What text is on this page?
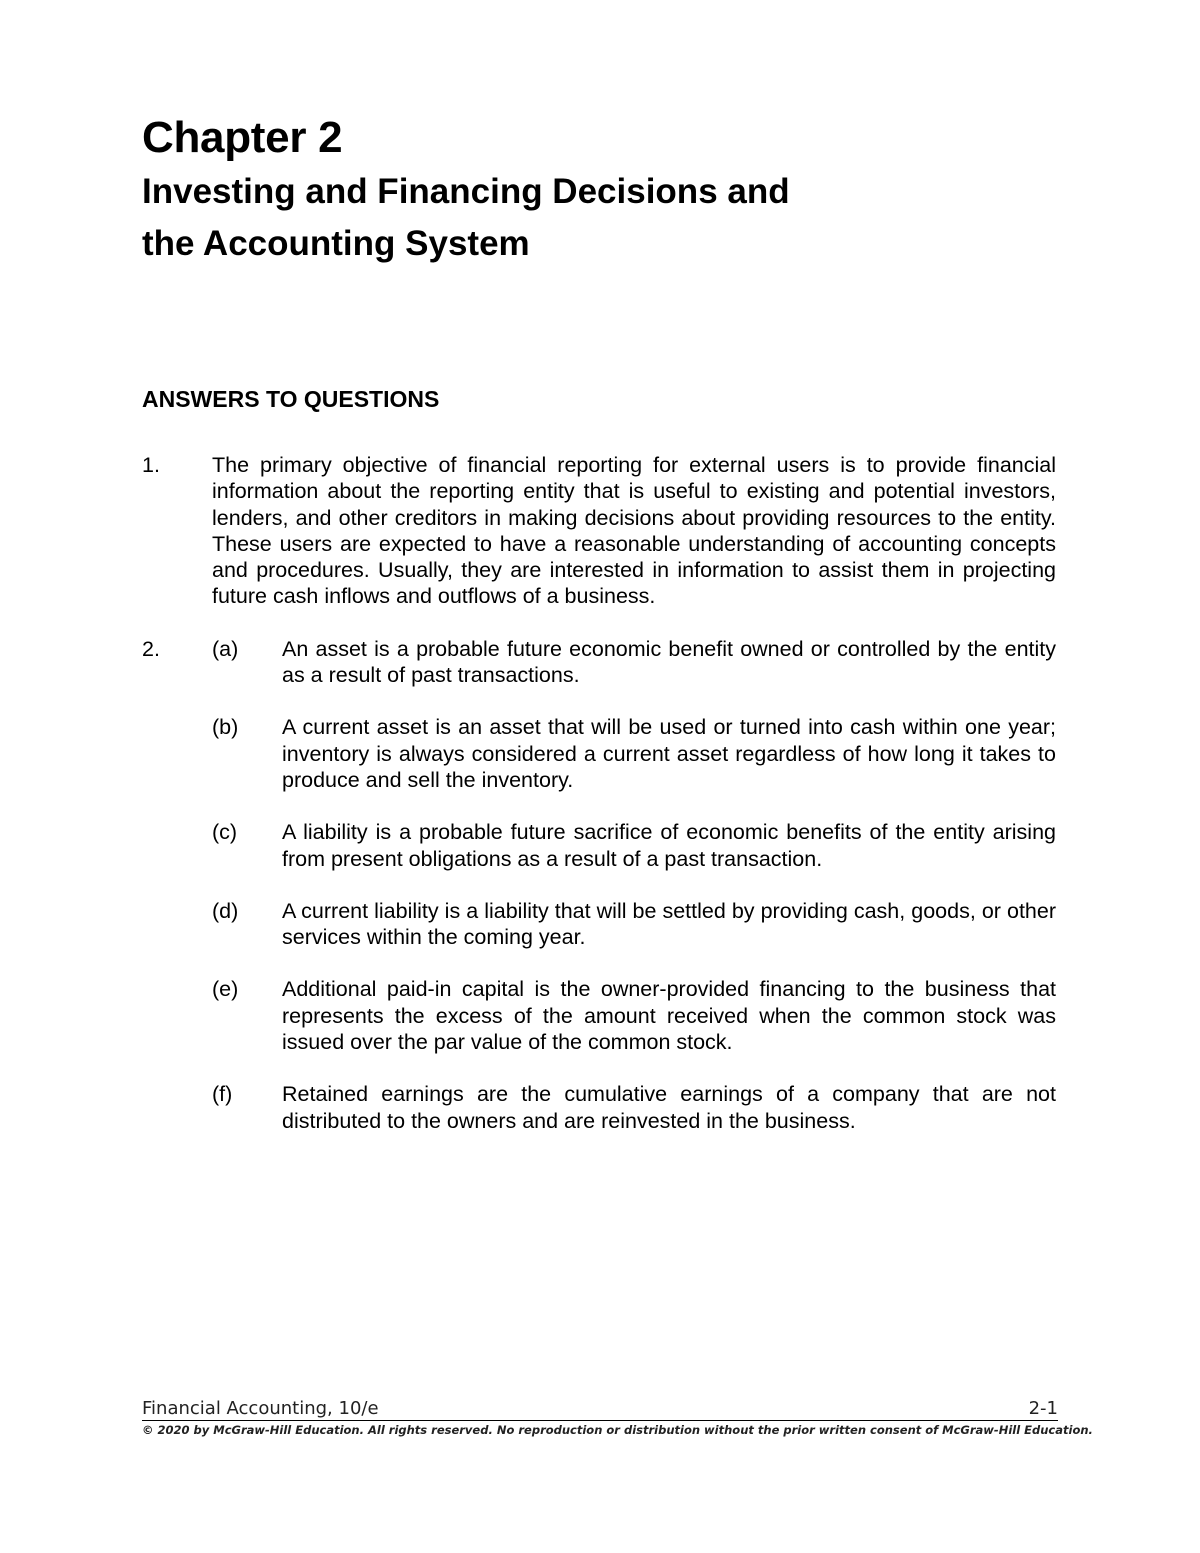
Chapter 2
Investing and Financing Decisions and
the Accounting System
ANSWERS TO QUESTIONS
1. The primary objective of financial reporting for external users is to provide financial information about the reporting entity that is useful to existing and potential investors, lenders, and other creditors in making decisions about providing resources to the entity. These users are expected to have a reasonable understanding of accounting concepts and procedures. Usually, they are interested in information to assist them in projecting future cash inflows and outflows of a business.
2. (a) An asset is a probable future economic benefit owned or controlled by the entity as a result of past transactions.
(b) A current asset is an asset that will be used or turned into cash within one year; inventory is always considered a current asset regardless of how long it takes to produce and sell the inventory.
(c) A liability is a probable future sacrifice of economic benefits of the entity arising from present obligations as a result of a past transaction.
(d) A current liability is a liability that will be settled by providing cash, goods, or other services within the coming year.
(e) Additional paid-in capital is the owner-provided financing to the business that represents the excess of the amount received when the common stock was issued over the par value of the common stock.
(f) Retained earnings are the cumulative earnings of a company that are not distributed to the owners and are reinvested in the business.
Financial Accounting, 10/e	2-1
© 2020 by McGraw-Hill Education. All rights reserved. No reproduction or distribution without the prior written consent of McGraw-Hill Education.
